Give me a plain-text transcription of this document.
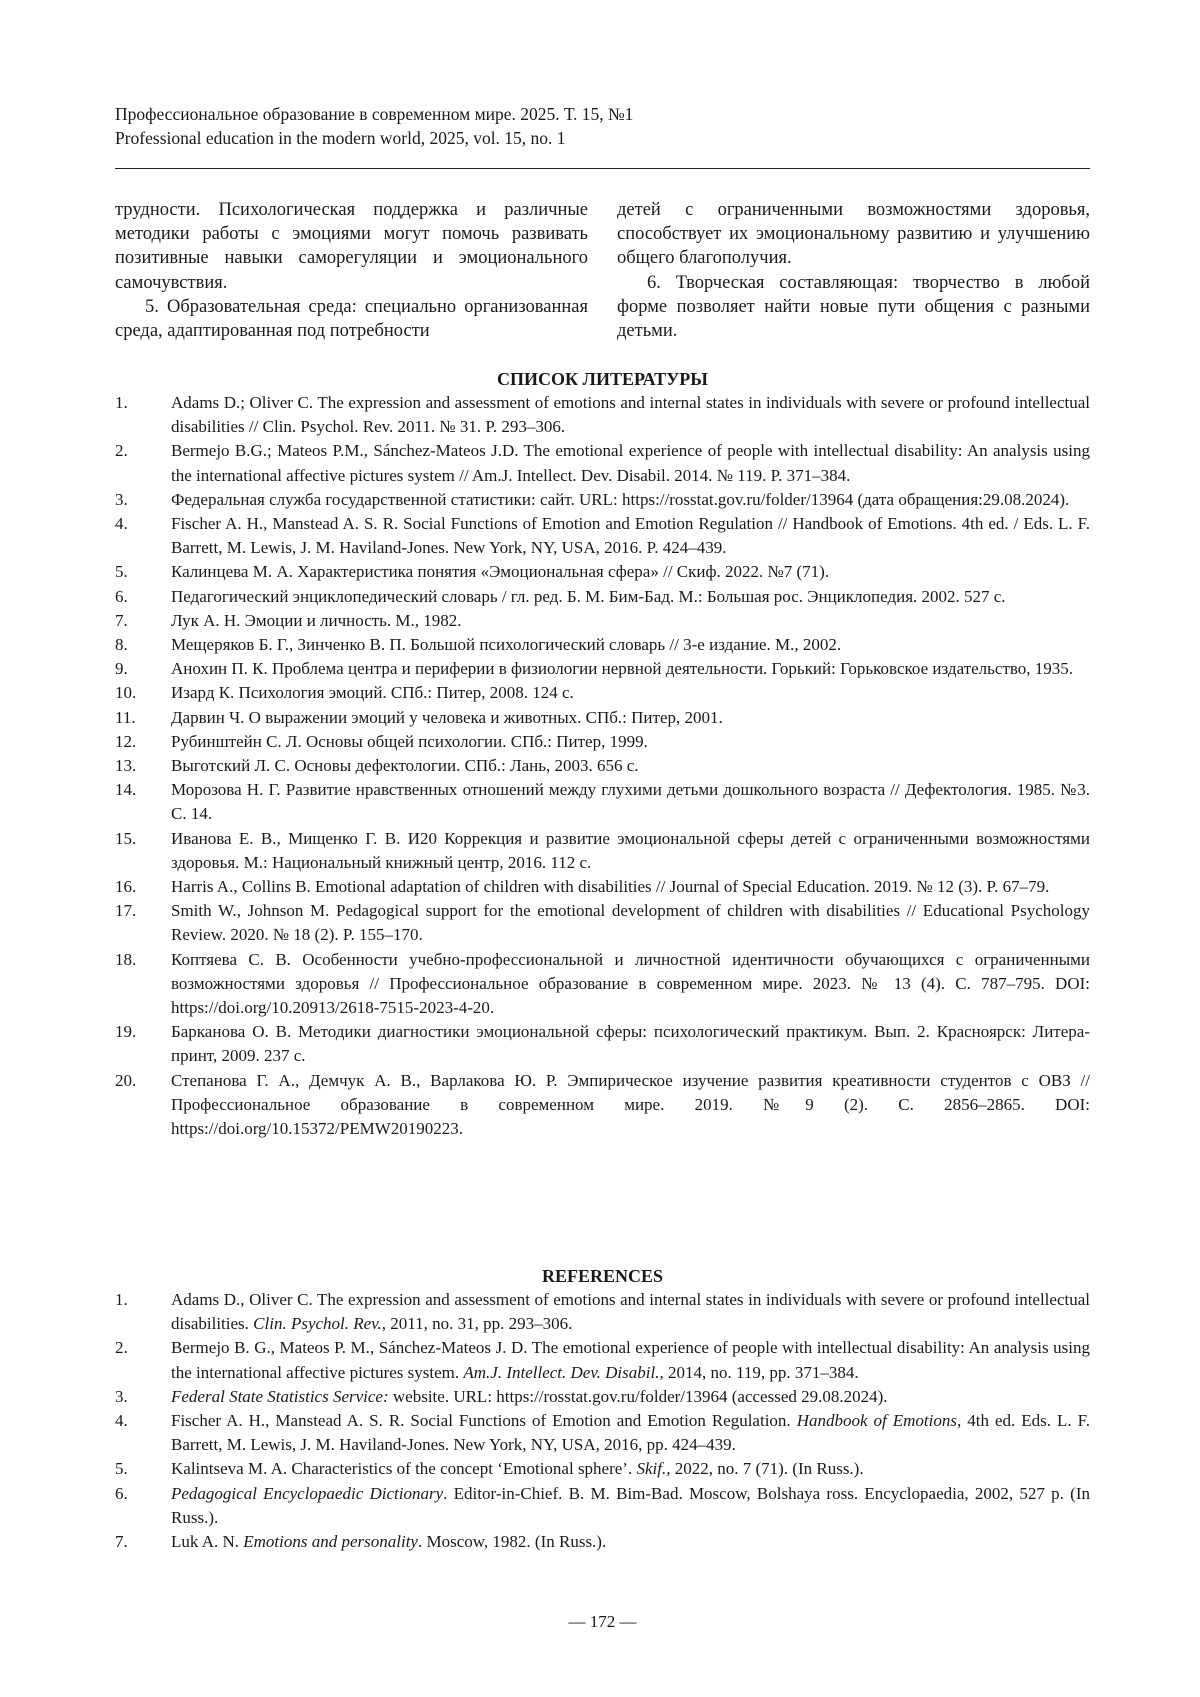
Профессиональное образование в современном мире. 2025. Т. 15, №1
Professional education in the modern world, 2025, vol. 15, no. 1

трудности. Психологическая поддержка и различные методики работы с эмоциями могут помочь развивать позитивные навыки саморегуляции и эмоционального самочувствия.

5. Образовательная среда: специально организованная среда, адаптированная под потребности

детей с ограниченными возможностями здоровья, способствует их эмоциональному развитию и улучшению общего благополучия.

6. Творческая составляющая: творчество в любой форме позволяет найти новые пути общения с разными детьми.

СПИСОК ЛИТЕРАТУРЫ
1.	Adams D.; Oliver C. The expression and assessment of emotions and internal states in individuals with severe or profound intellectual disabilities // Clin. Psychol. Rev. 2011. № 31. P. 293–306.
2.	Bermejo B.G.; Mateos P.M., Sánchez-Mateos J.D. The emotional experience of people with intellectual disability: An analysis using the international affective pictures system // Am.J. Intellect. Dev. Disabil. 2014. № 119. P. 371–384.
3.	Федеральная служба государственной статистики: сайт. URL: https://rosstat.gov.ru/folder/13964 (дата обращения:29.08.2024).
4.	Fischer A. H., Manstead A. S. R. Social Functions of Emotion and Emotion Regulation // Handbook of Emotions. 4th ed. / Eds. L. F. Barrett, M. Lewis, J. M. Haviland-Jones. New York, NY, USA, 2016. P. 424–439.
5.	Калинцева М. А. Характеристика понятия «Эмоциональная сфера» // Скиф. 2022. №7 (71).
6.	Педагогический энциклопедический словарь / гл. ред. Б. М. Бим-Бад. М.: Большая рос. Энциклопедия. 2002. 527 с.
7.	Лук А. Н. Эмоции и личность. М., 1982.
8.	Мещеряков Б. Г., Зинченко В. П. Большой психологический словарь // 3-е издание. М., 2002.
9.	Анохин П. К. Проблема центра и периферии в физиологии нервной деятельности. Горький: Горьковское издательство, 1935.
10.	Изард К. Психология эмоций. СПб.: Питер, 2008. 124 с.
11.	Дарвин Ч. О выражении эмоций у человека и животных. СПб.: Питер, 2001.
12.	Рубинштейн С. Л. Основы общей психологии. СПб.: Питер, 1999.
13.	Выготский Л. С. Основы дефектологии. СПб.: Лань, 2003. 656 с.
14.	Морозова Н. Г. Развитие нравственных отношений между глухими детьми дошкольного возраста // Дефектология. 1985. №3. С. 14.
15.	Иванова Е. В., Мищенко Г. В. И20 Коррекция и развитие эмоциональной сферы детей с ограниченными возможностями здоровья. М.: Национальный книжный центр, 2016. 112 с.
16.	Harris A., Collins B. Emotional adaptation of children with disabilities // Journal of Special Education. 2019. № 12 (3). P. 67–79.
17.	Smith W., Johnson M. Pedagogical support for the emotional development of children with disabilities // Educational Psychology Review. 2020. № 18 (2). P. 155–170.
18.	Коптяева С. В. Особенности учебно-профессиональной и личностной идентичности обучающихся с ограниченными возможностями здоровья // Профессиональное образование в современном мире. 2023. № 13 (4). С. 787–795. DOI: https://doi.org/10.20913/2618-7515-2023-4-20.
19.	Барканова О. В. Методики диагностики эмоциональной сферы: психологический практикум. Вып. 2. Красноярск: Литера-принт, 2009. 237 с.
20.	Степанова Г. А., Демчук А. В., Варлакова Ю. Р. Эмпирическое изучение развития креативности студентов с ОВЗ // Профессиональное образование в современном мире. 2019. №9 (2). С. 2856–2865. DOI: https://doi.org/10.15372/PEMW20190223.
REFERENCES
1.	Adams D., Oliver C. The expression and assessment of emotions and internal states in individuals with severe or profound intellectual disabilities. Clin. Psychol. Rev., 2011, no. 31, pp. 293–306.
2.	Bermejo B. G., Mateos P. M., Sánchez-Mateos J. D. The emotional experience of people with intellectual disability: An analysis using the international affective pictures system. Am.J. Intellect. Dev. Disabil., 2014, no. 119, pp. 371–384.
3.	Federal State Statistics Service: website. URL: https://rosstat.gov.ru/folder/13964 (accessed 29.08.2024).
4.	Fischer A. H., Manstead A. S. R. Social Functions of Emotion and Emotion Regulation. Handbook of Emotions, 4th ed. Eds. L. F. Barrett, M. Lewis, J. M. Haviland-Jones. New York, NY, USA, 2016, pp. 424–439.
5.	Kalintseva M. A. Characteristics of the concept ‘Emotional sphere’. Skif., 2022, no. 7 (71). (In Russ.).
6.	Pedagogical Encyclopaedic Dictionary. Editor-in-Chief. B. M. Bim-Bad. Moscow, Bolshaya ross. Encyclopaedia, 2002, 527 p. (In Russ.).
7.	Luk A. N. Emotions and personality. Moscow, 1982. (In Russ.).
— 172 —
